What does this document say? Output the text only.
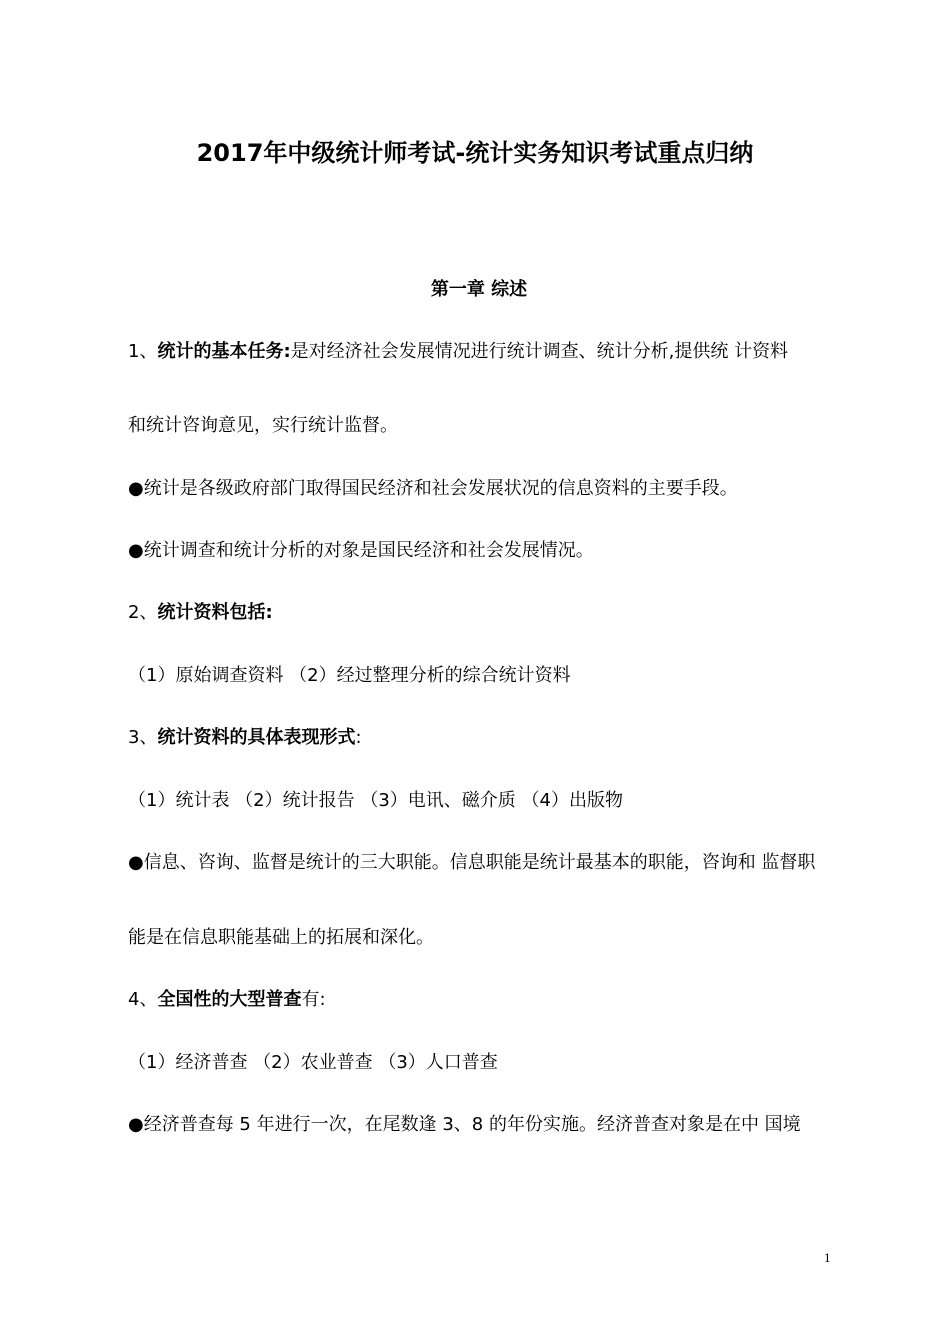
2017年中级统计师考试-统计实务知识考试重点归纳
第一章 综述
1、统计的基本任务:是对经济社会发展情况进行统计调查、统计分析,提供统 计资料
和统计咨询意见，实行统计监督。
●统计是各级政府部门取得国民经济和社会发展状况的信息资料的主要手段。
●统计调查和统计分析的对象是国民经济和社会发展情况。
2、统计资料包括:
（1）原始调查资料 （2）经过整理分析的综合统计资料
3、统计资料的具体表现形式:
（1）统计表 （2）统计报告 （3）电讯、磁介质 （4）出版物
●信息、咨询、监督是统计的三大职能。信息职能是统计最基本的职能，咨询和 监督职
能是在信息职能基础上的拓展和深化。
4、全国性的大型普查有:
（1）经济普查 （2）农业普查 （3）人口普查
●经济普查每 5 年进行一次，在尾数逢 3、8 的年份实施。经济普查对象是在中 国境
1
